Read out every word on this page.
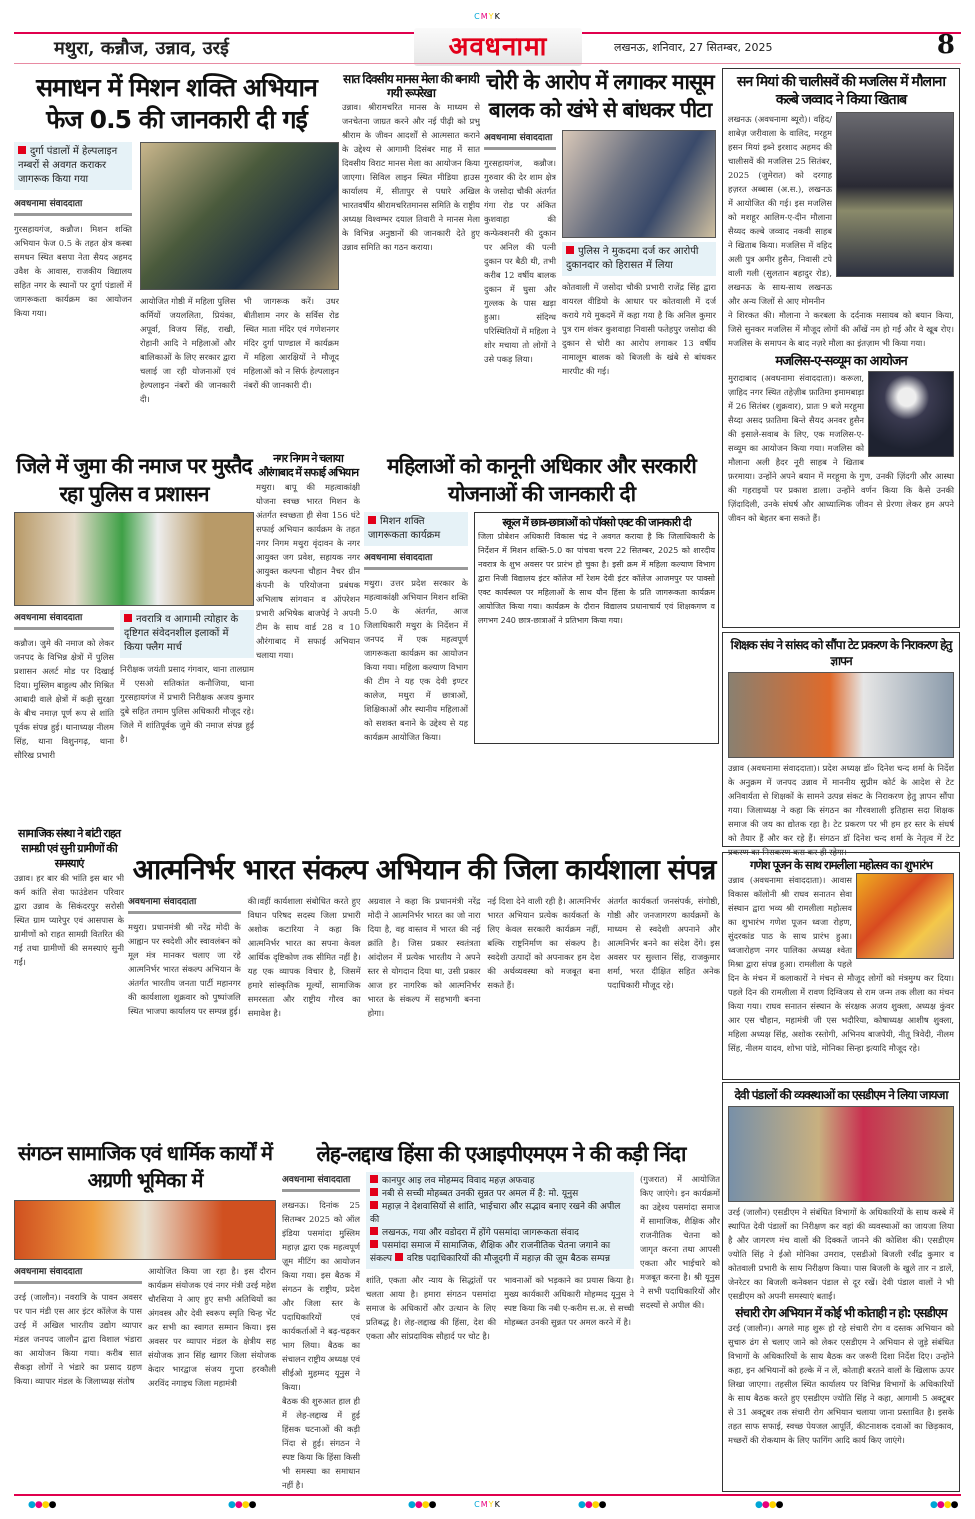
CMYK
मथुरा, कन्नौज, उन्नाव, उरई	अवधनामा	लखनऊ, शनिवार, 27 सितम्बर, 2025	8
समाधन में मिशन शक्ति अभियान
फेज 0.5 की जानकारी दी गई
दुर्गा पंडालों में हेल्पलाइन नम्बरों से अवगत कराकर जागरूक किया गया
अवधनामा संवाददाता
गुरसहायगंज, कन्नौज। मिशन शक्ति अभियान फेज 0.5 के तहत क्षेत्र कस्बा समधन स्थित बसपा नेता सैयद अहमद उवैश के आवास, राजकीय विद्यालय सहित नगर के स्थानों पर दुर्गा पंडालों में जागरूकता कार्यक्रम का आयोजन किया गया।
आयोजित गोष्ठी में महिला पुलिस कर्मियों जयललिता, प्रियंका, अपूर्वा, विजय सिंह, राखी, रोहानी आदि ने महिलाओं और बालिकाओं के लिए सरकार द्वारा चलाई जा रही योजनाओं एवं हेल्पलाइन नंबरों की जानकारी दी।
भी जागरूक करें। उधर बीतीशाम नगर के सर्विस रोड स्थित माता मंदिर एवं गणेशनगर मंदिर दुर्गा पाण्डाल में कार्यक्रम में महिला आरक्षियों ने मौजूद महिलाओं को न सिर्फ हेल्पलाइन नंबरों की जानकारी दी।
सात दिवसीय मानस मेला की बनायी गयी रूपरेखा
उन्नाव। श्रीरामचरित मानस के माध्यम से जनचेतना जाग्रत करने और नई पीढ़ी को प्रभु श्रीराम के जीवन आदर्शों से आत्मसात कराने के उद्देश्य से आगामी दिसंबर माह में सात दिवसीय विराट मानस मेला का आयोजन किया जाएगा। सिविल लाइन स्थित मीडिया हाउस कार्यालय में, सीतापुर से पधारे अखिल भारतवर्षीय श्रीरामचरितमानस समिति के राष्ट्रीय अध्यक्ष विश्वम्भर दयाल तिवारी ने मानस मेला के विभिन्न अनुष्ठानों की जानकारी देते हुए उन्नाव समिति का गठन कराया।
चोरी के आरोप में लगाकर मासूम बालक को खंभे से बांधकर पीटा
अवधनामा संवाददाता
गुरसहायगंज, कन्नौज। गुरुवार की देर शाम क्षेत्र के जसोदा चौकी अंतर्गत गंगा रोड पर अंकित कुशवाहा की कन्फेक्शनरी की दुकान पर अनिल की पत्नी दुकान पर बैठी थी, तभी करीब 12 वर्षीय बालक दुकान में घुसा और गुल्लक के पास खड़ा हुआ। संदिग्ध परिस्थितियों में महिला ने शोर मचाया तो लोगों ने उसे पकड़ लिया।
पुलिस ने मुकदमा दर्ज कर आरोपी दुकानदार को हिरासत में लिया
कोतवाली में जसोदा चौकी प्रभारी राजेंद्र सिंह द्वारा वायरल वीडियो के आधार पर कोतवाली में दर्ज कराये गये मुकदमें में कहा गया है कि अनिल कुमार पुत्र राम शंकर कुशवाहा निवासी फतेहपुर जसोदा की दुकान से चोरी का आरोप लगाकर 13 वर्षीय नामालूम बालक को बिजली के खंबे से बांधकर मारपीट की गई।
सन मियां की चालीसवें की मजलिस में मौलाना कल्बे जव्वाद ने किया खिताब
लखनऊ (अवधनामा ब्यूरो)। वहिद/शाबेज़ जरीवाला के वालिद, मरहूम हसन मियां इब्ने इरशाद अहमद की चालीसवें की मजलिस 25 सितंबर, 2025 (जुमेरात) को दरगाह हज़रत अब्बास (अ.स.), लखनऊ में आयोजित की गई। इस मजलिस को मशहूर आलिम-ए-दीन मौलाना सैय्यद कल्बे जव्वाद नकवी साहब ने खिताब किया। मजलिस में वहिद अली पुत्र अमीर हुसैन, निवासी टपे वाली गली (सुलतान बहादुर रोड), लखनऊ के साथ-साथ लखनऊ और अन्य जिलों से आए मोमनीन
ने शिरकत की। मौलाना ने करबला के दर्दनाक मसायब को बयान किया, जिसे सुनकर मजलिस में मौजूद लोगों की आँखें नम हो गईं और वे खूब रोए। मजलिस के समापन के बाद नज़रे मौला का इंतज़ाम भी किया गया।
मजलिस-ए-सव्यूम का आयोजन
मुरादाबाद (अवधनामा संवाददाता)। करूला, ज़ाहिद नगर स्थित तहेज़ीब फ़ातिमा इमामबाड़ा में 26 सितंबर (शुक्रवार), प्रातः 9 बजे मरहूमा सैय्दा असद फ़ातिमा बिन्ते सैयद अनवर हुसैन की इसाले-सवाब के लिए, एक मजलिस-ए-सव्यूम का आयोजन किया गया। मजलिस को मौलाना अली हैदर नूरी साहब ने खिताब फ़रमाया। उन्होंने अपने बयान में मरहूमा के गुण, उनकी ज़िंदगी और आस्था की गहराइयों पर प्रकाश डाला। उन्होंने वर्णन किया कि कैसे उनकी ज़िंदादिली, उनके संघर्ष और आध्यात्मिक जीवन से प्रेरणा लेकर हम अपने जीवन को बेहतर बना सकते हैं।
जिले में जुमा की नमाज पर मुस्तैद रहा पुलिस व प्रशासन
अवधनामा संवाददाता
कन्नौज। जुमे की नमाज को लेकर जनपद के विभिन्न क्षेत्रों में पुलिस प्रशासन अलर्ट मोड पर दिखाई दिया। मुस्लिम बाहुल्य और मिश्रित आबादी वाले क्षेत्रों में कड़ी सुरक्षा के बीच नमाज़ पूर्ण रूप से शांति पूर्वक संपन्न हुई। थानाध्यक्ष नीलम सिंह, थाना विशुनगढ़, थाना सौरिख प्रभारी
नवरात्रि व आगामी त्योहार के दृष्टिगत संवेदनशील इलाकों में किया फ्लैग मार्च
निरीक्षक जयंती प्रसाद गंगवार, थाना तालग्राम में एसओ सतिकांत कनौजिया, थाना गुरसहायगंज में प्रभारी निरीक्षक अजय कुमार दुबे सहित तमाम पुलिस अधिकारी मौजूद रहे। जिले में शांतिपूर्वक जुमे की नमाज संपन्न हुई है।
नगर निगम ने चलाया औरंगाबाद में सफाई अभियान
मथुरा। बापू की महत्वाकांक्षी योजना स्वच्छ भारत मिशन के अंतर्गत स्वच्छता ही सेवा 156 घंटे सफाई अभियान कार्यक्रम के तहत नगर निगम मथुरा वृंदावन के नगर आयुक्त जग प्रवेश, सहायक नगर आयुक्त कल्पना चौहान नैचर ग्रीन कंपनी के परियोजना प्रबंधक अभिलाष सांगवान व ऑपरेशन प्रभारी अभिषेक बाजपेई ने अपनी टीम के साथ वार्ड 28 व 10 औरंगाबाद में सफाई अभियान चलाया गया।
महिलाओं को कानूनी अधिकार और सरकारी योजनाओं की जानकारी दी
मिशन शक्ति जागरूकता कार्यक्रम
अवधनामा संवाददाता
मथुरा। उत्तर प्रदेश सरकार के महत्वाकांक्षी अभियान मिशन शक्ति 5.0 के अंतर्गत, आज जिलाधिकारी मथुरा के निर्देशन में जनपद में एक महत्वपूर्ण जागरूकता कार्यक्रम का आयोजन किया गया। महिला कल्याण विभाग की टीम ने यह एक देवी इण्टर कालेज, मथुरा में छात्राओं, शिक्षिकाओं और स्थानीय महिलाओं को सशक्त बनाने के उद्देश्य से यह कार्यक्रम आयोजित किया।
स्कूल में छात्र-छात्राओं को पॉक्सो एक्ट की जानकारी दी
जिला प्रोबेशन अधिकारी विकास चंद्र ने अवगत कराया है कि जिलाधिकारी के निर्देशन में मिशन शक्ति-5.0 का पांचवा चरण 22 सितम्बर, 2025 को शारदीय नवरात्र के शुभ अवसर पर प्रारंभ हो चुका है। इसी क्रम में महिला कल्याण विभाग द्वारा निजी विद्यालय इंटर कॉलेज माँ रेशम देवी इंटर कॉलेज आजमपुर पर पाक्सो एक्ट कार्यस्थल पर महिलाओं के साथ यौन हिंसा के प्रति जागरूकता कार्यक्रम आयोजित किया गया। कार्यक्रम के दौरान विद्यालय प्रधानाचार्य एवं शिक्षकगण व लगभग 240 छात्र-छात्राओं ने प्रतिभाग किया गया।
शिक्षक संघ ने सांसद को सौंपा टेट प्रकरण के निराकरण हेतु ज्ञापन
उन्नाव (अवधनामा संवाददाता)। प्रदेश अध्यक्ष डॉ० दिनेश चन्द शर्मा के निर्देश के अनुक्रम में जनपद उन्नाव में माननीय सुप्रीम कोर्ट के आदेश से टेट अनिवार्यता से शिक्षकों के सामने उत्पन्न संकट के निराकरण हेतु ज्ञापन सौंपा गया। जिलाध्यक्ष ने कहा कि संगठन का गौरवशाली इतिहास सदा शिक्षक समाज की जय का द्योतक रहा है। टेट प्रकरण पर भी हम हर स्तर के संघर्ष को तैयार हैं और कर रहे हैं। संगठन डॉ दिनेश चन्द शर्मा के नेतृत्व में टेट प्रकरण का निराकरण करा कर ही रहेगा।
सामाजिक संस्था ने बांटी राहत सामग्री एवं सुनी ग्रामीणों की समस्याएं
उन्नाव। हर बार की भांति इस बार भी कर्म कांति सेवा फाउंडेशन परिवार द्वारा उन्नाव के सिकंदरपुर सरोसी स्थित ग्राम प्यारेपुर एवं आसपास के ग्रामीणों को राहत सामग्री वितरित की गई तथा ग्रामीणों की समस्याएं सुनी गईं।
आत्मनिर्भर भारत संकल्प अभियान की जिला कार्यशाला संपन्न
अवधनामा संवाददाता
मथुरा। प्रधानमंत्री श्री नरेंद्र मोदी के आह्वान पर स्वदेशी और स्वावलंबन को मूल मंत्र मानकर चलाए जा रहे आत्मनिर्भर भारत संकल्प अभियान के अंतर्गत भारतीय जनता पार्टी महानगर की कार्यशाला शुक्रवार को पुष्पांजलि स्थित भाजपा कार्यालय पर सम्पन्न हुई।
की।वहीं कार्यशाला संबोधित करते हुए विधान परिषद सदस्य जिला प्रभारी अशोक कटारिया ने कहा कि आत्मनिर्भर भारत का सपना केवल आर्थिक दृष्टिकोण तक सीमित नहीं है। यह एक व्यापक विचार है, जिसमें हमारे सांस्कृतिक मूल्यों, सामाजिक समरसता और राष्ट्रीय गौरव का समावेश है।
अग्रवाल ने कहा कि प्रधानमंत्री नरेंद्र मोदी ने आत्मनिर्भर भारत का जो नारा दिया है, वह वास्तव में भारत की नई क्रांति है। जिस प्रकार स्वतंत्रता आंदोलन में प्रत्येक भारतीय ने अपने स्तर से योगदान दिया था, उसी प्रकार आज हर नागरिक को आत्मनिर्भर भारत के संकल्प में सहभागी बनना होगा।
नई दिशा देने वाली रही है। आत्मनिर्भर भारत अभियान प्रत्येक कार्यकर्ता के लिए केवल सरकारी कार्यक्रम नहीं, बल्कि राष्ट्रनिर्माण का संकल्प है। स्वदेशी उत्पादों को अपनाकर हम देश की अर्थव्यवस्था को मजबूत बना सकते हैं।
अंतर्गत कार्यकर्ता जनसंपर्क, संगोष्ठी, गोष्ठी और जनजागरण कार्यक्रमों के माध्यम से स्वदेशी अपनाने और आत्मनिर्भर बनने का संदेश देंगे। इस अवसर पर सुल्तान सिंह, राजकुमार शर्मा, भरत दीक्षित सहित अनेक पदाधिकारी मौजूद रहे।
गणेश पूजन के साथ रामलीला महोत्सव का शुभारंभ
उन्नाव (अवधनामा संवाददाता)। आवास विकास कॉलोनी श्री राघव सनातन सेवा संस्थान द्वारा भव्य श्री रामलीला महोत्सव का शुभारंभ गणेश पूजन ध्वजा रोहण, सुंदरकांड पाठ के साथ प्रारंभ हुआ। ध्वजारोहण नगर पालिका अध्यक्ष श्वेता मिश्रा द्वारा संपन्न हुआ। रामलीला के पहले दिन के मंचन में कलाकारों ने मंचन से मौजूद लोगों को मंत्रमुग्ध कर दिया। पहले दिन की रामलीला में रावण दिग्विजय से राम जन्म तक लीला का मंचन किया गया। राघव सनातन संस्थान के संरक्षक अजय शुक्ला, अध्यक्ष कुंवर आर एस चौहान, महामंत्री जी एस भदौरिया, कोषाध्यक्ष आशीष शुक्ला, महिला अध्यक्ष सिंह, अशोक रस्तोगी, अभिनय बाजपेयी, नीतू त्रिवेदी, नीलम सिंह, नीलम यादव, शोभा पांडे, मोनिका सिन्हा इत्यादि मौजूद रहे।
देवी पंडालों की व्यवस्थाओं का एसडीएम ने लिया जायजा
उरई (जालौन) एसडीएम ने संबंधित विभागों के अधिकारियों के साथ कस्बे में स्थापित देवी पंडालों का निरीक्षण कर वहां की व्यवस्थाओं का जायजा लिया है और जागरण मंच वालों की दिक्कतें जानने की कोशिश की। एसडीएम ज्योति सिंह ने ईओ मोनिका उमराव, एसडीओ बिजली रवींद्र कुमार व कोतवाली प्रभारी के साथ निरीक्षण किया। पास बिजली के खुले तार न डालें, जेनरेटर का बिजली कनेक्शन पंडाल से दूर रखें। देवी पंडाल वालों ने भी एसडीएम को अपनी समस्याएं बताईं।
संचारी रोग अभियान में कोई भी कोताही न हो: एसडीएम
उरई (जालौन)। अगले माह शुरू हो रहे संचारी रोग व दस्तक अभियान को सुचारु ढंग से चलाए जाने को लेकर एसडीएम ने अभियान से जुड़े संबंधित विभागों के अधिकारियों के साथ बैठक कर जरूरी दिशा निर्देश दिए। उन्होंने कहा, इन अभियानों को हल्के में न लें, कोताही बरतने वालों के खिलाफ ऊपर लिखा जाएगा। तहसील स्थित कार्यालय पर विभिन्न विभागों के अधिकारियों के साथ बैठक करते हुए एसडीएम ज्योति सिंह ने कहा, आगामी 5 अक्टूबर से 31 अक्टूबर तक संचारी रोग अभियान चलाया जाना प्रस्तावित है। इसके तहत साफ सफाई, स्वच्छ पेयजल आपूर्ति, कीटनाशक दवाओं का छिड़काव, मच्छरों की रोकथाम के लिए फागिंग आदि कार्य किए जाएंगे।
संगठन सामाजिक एवं धार्मिक कार्यों में अग्रणी भूमिका में
अवधनामा संवाददाता
उरई (जालौन)। नवरात्रि के पावन अवसर पर पान मंडी एस आर इंटर कॉलेज के पास उरई में अखिल भारतीय उद्योग व्यापार मंडल जनपद जालौन द्वारा विशाल भंडारा का आयोजन किया गया। करीब सात सैकड़ा लोगों ने भंडारे का प्रसाद ग्रहण किया। व्यापार मंडल के जिलाध्यक्ष संतोष
आयोजित किया जा रहा है। इस दौरान कार्यक्रम संयोजक एवं नगर मंत्री उरई महेश चौरसिया ने आए हुए सभी अतिथियों का अंगवस्त्र और देवी स्वरूप स्मृति चिन्ह भेंट कर सभी का स्वागत सम्मान किया। इस अवसर पर व्यापार मंडल के क्षेत्रीय सह संयोजक ज्ञान सिंह खागर जिला संयोजक केदार भारद्वाज संजय गुप्ता हरकौली अरविंद नगाइच जिला महामंत्री
लेह-लद्दाख हिंसा की एआइपीएमएम ने की कड़ी निंदा
अवधनामा संवाददाता
लखनऊ। दिनांक 25 सितम्बर 2025 को ऑल इंडिया पसमांदा मुस्लिम महाज़ द्वारा एक महत्वपूर्ण ज़ूम मीटिंग का आयोजन किया गया। इस बैठक में संगठन के राष्ट्रीय, प्रदेश और जिला स्तर के पदाधिकारियों एवं कार्यकर्ताओं ने बढ़-चढ़कर भाग लिया। बैठक का संचालन राष्ट्रीय अध्यक्ष एवं सीईओ मुहम्मद यूनुस ने किया।
बैठक की शुरुआत हाल ही में लेह-लद्दाख में हुई हिंसक घटनाओं की कड़ी निंदा से हुई। संगठन ने स्पष्ट किया कि हिंसा किसी भी समस्या का समाधान नहीं है।
कानपुर आइ लव मोहम्मद विवाद महज़ अफवाह
नबी से सच्ची मोहब्बत उनकी सुन्नत पर अमल में है: मो. यूनुस
महाज़ ने देशवासियों से शांति, भाईचारा और सद्भाव बनाए रखने की अपील की
लखनऊ, गया और वडोदरा में होंगे पसमांदा जागरूकता संवाद
पसमांदा समाज में सामाजिक, शैक्षिक और राजनीतिक चेतना जगाने का संकल्प वरिष्ठ पदाधिकारियों की मौजूदगी में महाज़ की ज़ूम बैठक सम्पन्न
शांति, एकता और न्याय के सिद्धांतों पर चलता आया है। हमारा संगठन पसमांदा समाज के अधिकारों और उत्थान के लिए प्रतिबद्ध है। लेह-लद्दाख की हिंसा, देश की एकता और सांप्रदायिक सौहार्द पर चोट है।
भावनाओं को भड़काने का प्रयास किया है। मुख्य कार्यकारी अधिकारी मोहम्मद यूनुस ने स्पष्ट किया कि नबी ए-करीम स.अ. से सच्ची मोहब्बत उनकी सुन्नत पर अमल करने में है।
(गुजरात) में आयोजित किए जाएंगे। इन कार्यक्रमों का उद्देश्य पसमांदा समाज में सामाजिक, शैक्षिक और राजनीतिक चेतना को जागृत करना तथा आपसी एकता और भाईचारे को मजबूत करना है। श्री यूनुस ने सभी पदाधिकारियों और सदस्यों से अपील की।
CMYK
●●●●	●●●●	●●●●	●●●●	●●●●	●●●●
